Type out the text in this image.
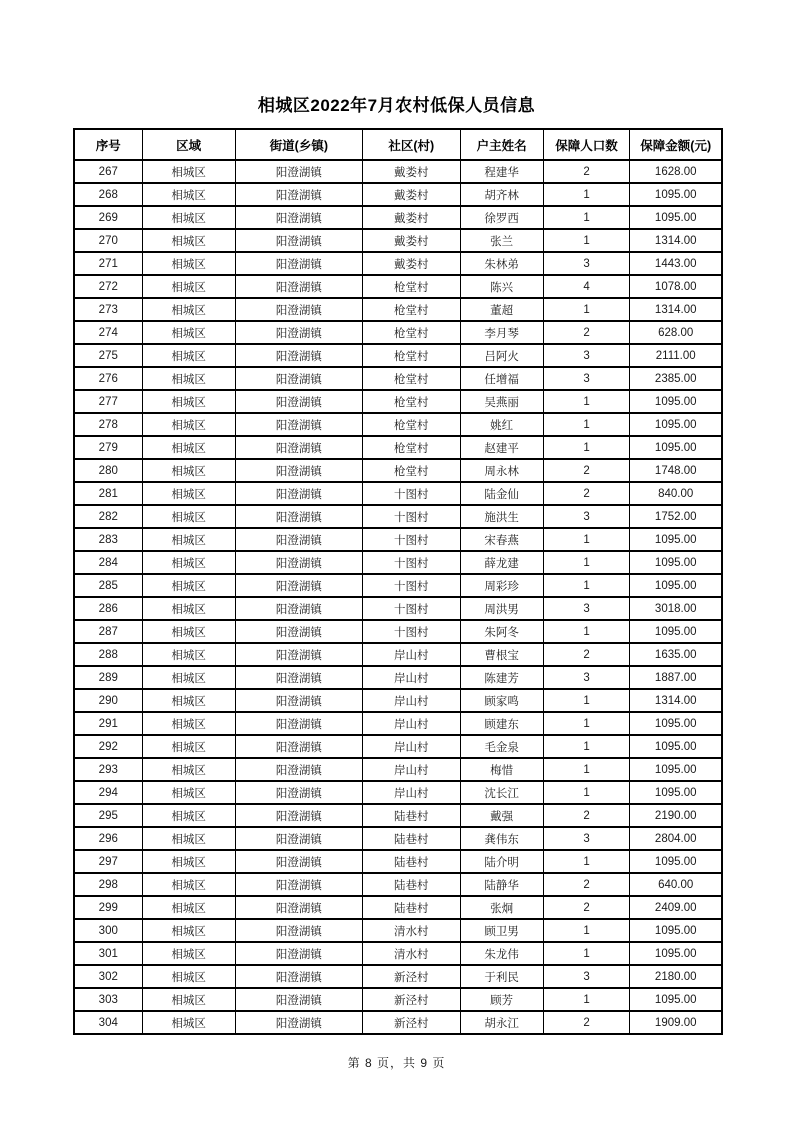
相城区2022年7月农村低保人员信息
序号	区域	街道(乡镇)	社区(村)	户主姓名	保障人口数	保障金额(元)
267	相城区	阳澄湖镇	戴娄村	程建华	2	1628.00
268	相城区	阳澄湖镇	戴娄村	胡齐林	1	1095.00
269	相城区	阳澄湖镇	戴娄村	徐罗西	1	1095.00
270	相城区	阳澄湖镇	戴娄村	张兰	1	1314.00
271	相城区	阳澄湖镇	戴娄村	朱林弟	3	1443.00
272	相城区	阳澄湖镇	枪堂村	陈兴	4	1078.00
273	相城区	阳澄湖镇	枪堂村	董超	1	1314.00
274	相城区	阳澄湖镇	枪堂村	李月琴	2	628.00
275	相城区	阳澄湖镇	枪堂村	吕阿火	3	2111.00
276	相城区	阳澄湖镇	枪堂村	任增福	3	2385.00
277	相城区	阳澄湖镇	枪堂村	吴燕丽	1	1095.00
278	相城区	阳澄湖镇	枪堂村	姚红	1	1095.00
279	相城区	阳澄湖镇	枪堂村	赵建平	1	1095.00
280	相城区	阳澄湖镇	枪堂村	周永林	2	1748.00
281	相城区	阳澄湖镇	十图村	陆金仙	2	840.00
282	相城区	阳澄湖镇	十图村	施洪生	3	1752.00
283	相城区	阳澄湖镇	十图村	宋春燕	1	1095.00
284	相城区	阳澄湖镇	十图村	薛龙建	1	1095.00
285	相城区	阳澄湖镇	十图村	周彩珍	1	1095.00
286	相城区	阳澄湖镇	十图村	周洪男	3	3018.00
287	相城区	阳澄湖镇	十图村	朱阿冬	1	1095.00
288	相城区	阳澄湖镇	岸山村	曹根宝	2	1635.00
289	相城区	阳澄湖镇	岸山村	陈建芳	3	1887.00
290	相城区	阳澄湖镇	岸山村	顾家鸣	1	1314.00
291	相城区	阳澄湖镇	岸山村	顾建东	1	1095.00
292	相城区	阳澄湖镇	岸山村	毛金泉	1	1095.00
293	相城区	阳澄湖镇	岸山村	梅惜	1	1095.00
294	相城区	阳澄湖镇	岸山村	沈长江	1	1095.00
295	相城区	阳澄湖镇	陆巷村	戴强	2	2190.00
296	相城区	阳澄湖镇	陆巷村	龚伟东	3	2804.00
297	相城区	阳澄湖镇	陆巷村	陆介明	1	1095.00
298	相城区	阳澄湖镇	陆巷村	陆静华	2	640.00
299	相城区	阳澄湖镇	陆巷村	张炯	2	2409.00
300	相城区	阳澄湖镇	清水村	顾卫男	1	1095.00
301	相城区	阳澄湖镇	清水村	朱龙伟	1	1095.00
302	相城区	阳澄湖镇	新泾村	于利民	3	2180.00
303	相城区	阳澄湖镇	新泾村	顾芳	1	1095.00
304	相城区	阳澄湖镇	新泾村	胡永江	2	1909.00
第 8 页，共 9 页
